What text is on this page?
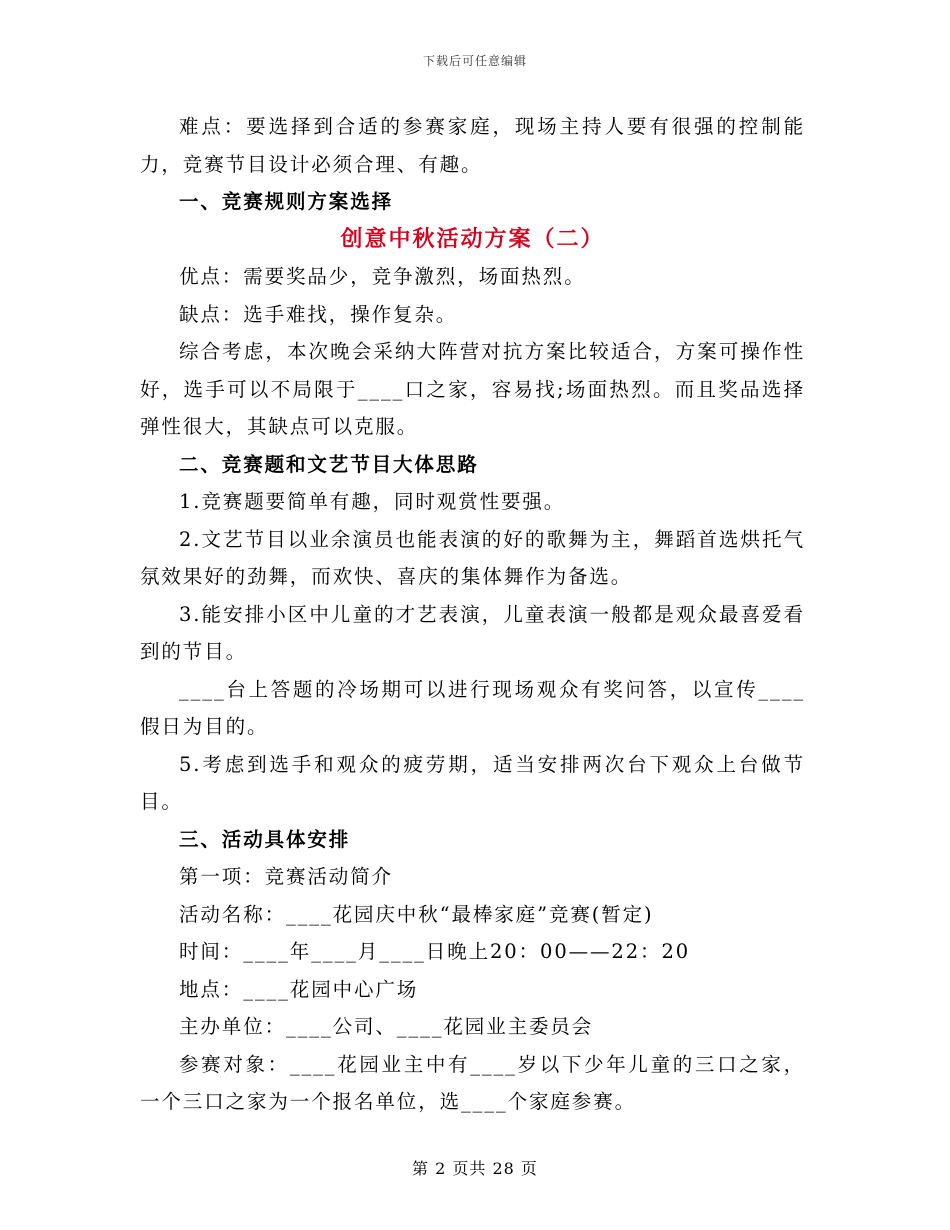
下载后可任意编辑

难点：要选择到合适的参赛家庭，现场主持人要有很强的控制能力，竞赛节目设计必须合理、有趣。

一、竞赛规则方案选择

创意中秋活动方案（二）

优点：需要奖品少，竞争激烈，场面热烈。

缺点：选手难找，操作复杂。

综合考虑，本次晚会采纳大阵营对抗方案比较适合，方案可操作性好，选手可以不局限于____口之家，容易找;场面热烈。而且奖品选择弹性很大，其缺点可以克服。

二、竞赛题和文艺节目大体思路

1.竞赛题要简单有趣，同时观赏性要强。

2.文艺节目以业余演员也能表演的好的歌舞为主，舞蹈首选烘托气氛效果好的劲舞，而欢快、喜庆的集体舞作为备选。

3.能安排小区中儿童的才艺表演，儿童表演一般都是观众最喜爱看到的节目。

____台上答题的冷场期可以进行现场观众有奖问答，以宣传____假日为目的。

5.考虑到选手和观众的疲劳期，适当安排两次台下观众上台做节目。

三、活动具体安排

第一项：竞赛活动简介

活动名称：____花园庆中秋“最棒家庭”竞赛(暂定)

时间：____年____月____日晚上20：00——22：20

地点：____花园中心广场

主办单位：____公司、____花园业主委员会

参赛对象：____花园业主中有____岁以下少年儿童的三口之家，一个三口之家为一个报名单位，选____个家庭参赛。

第 2 页共 28 页
